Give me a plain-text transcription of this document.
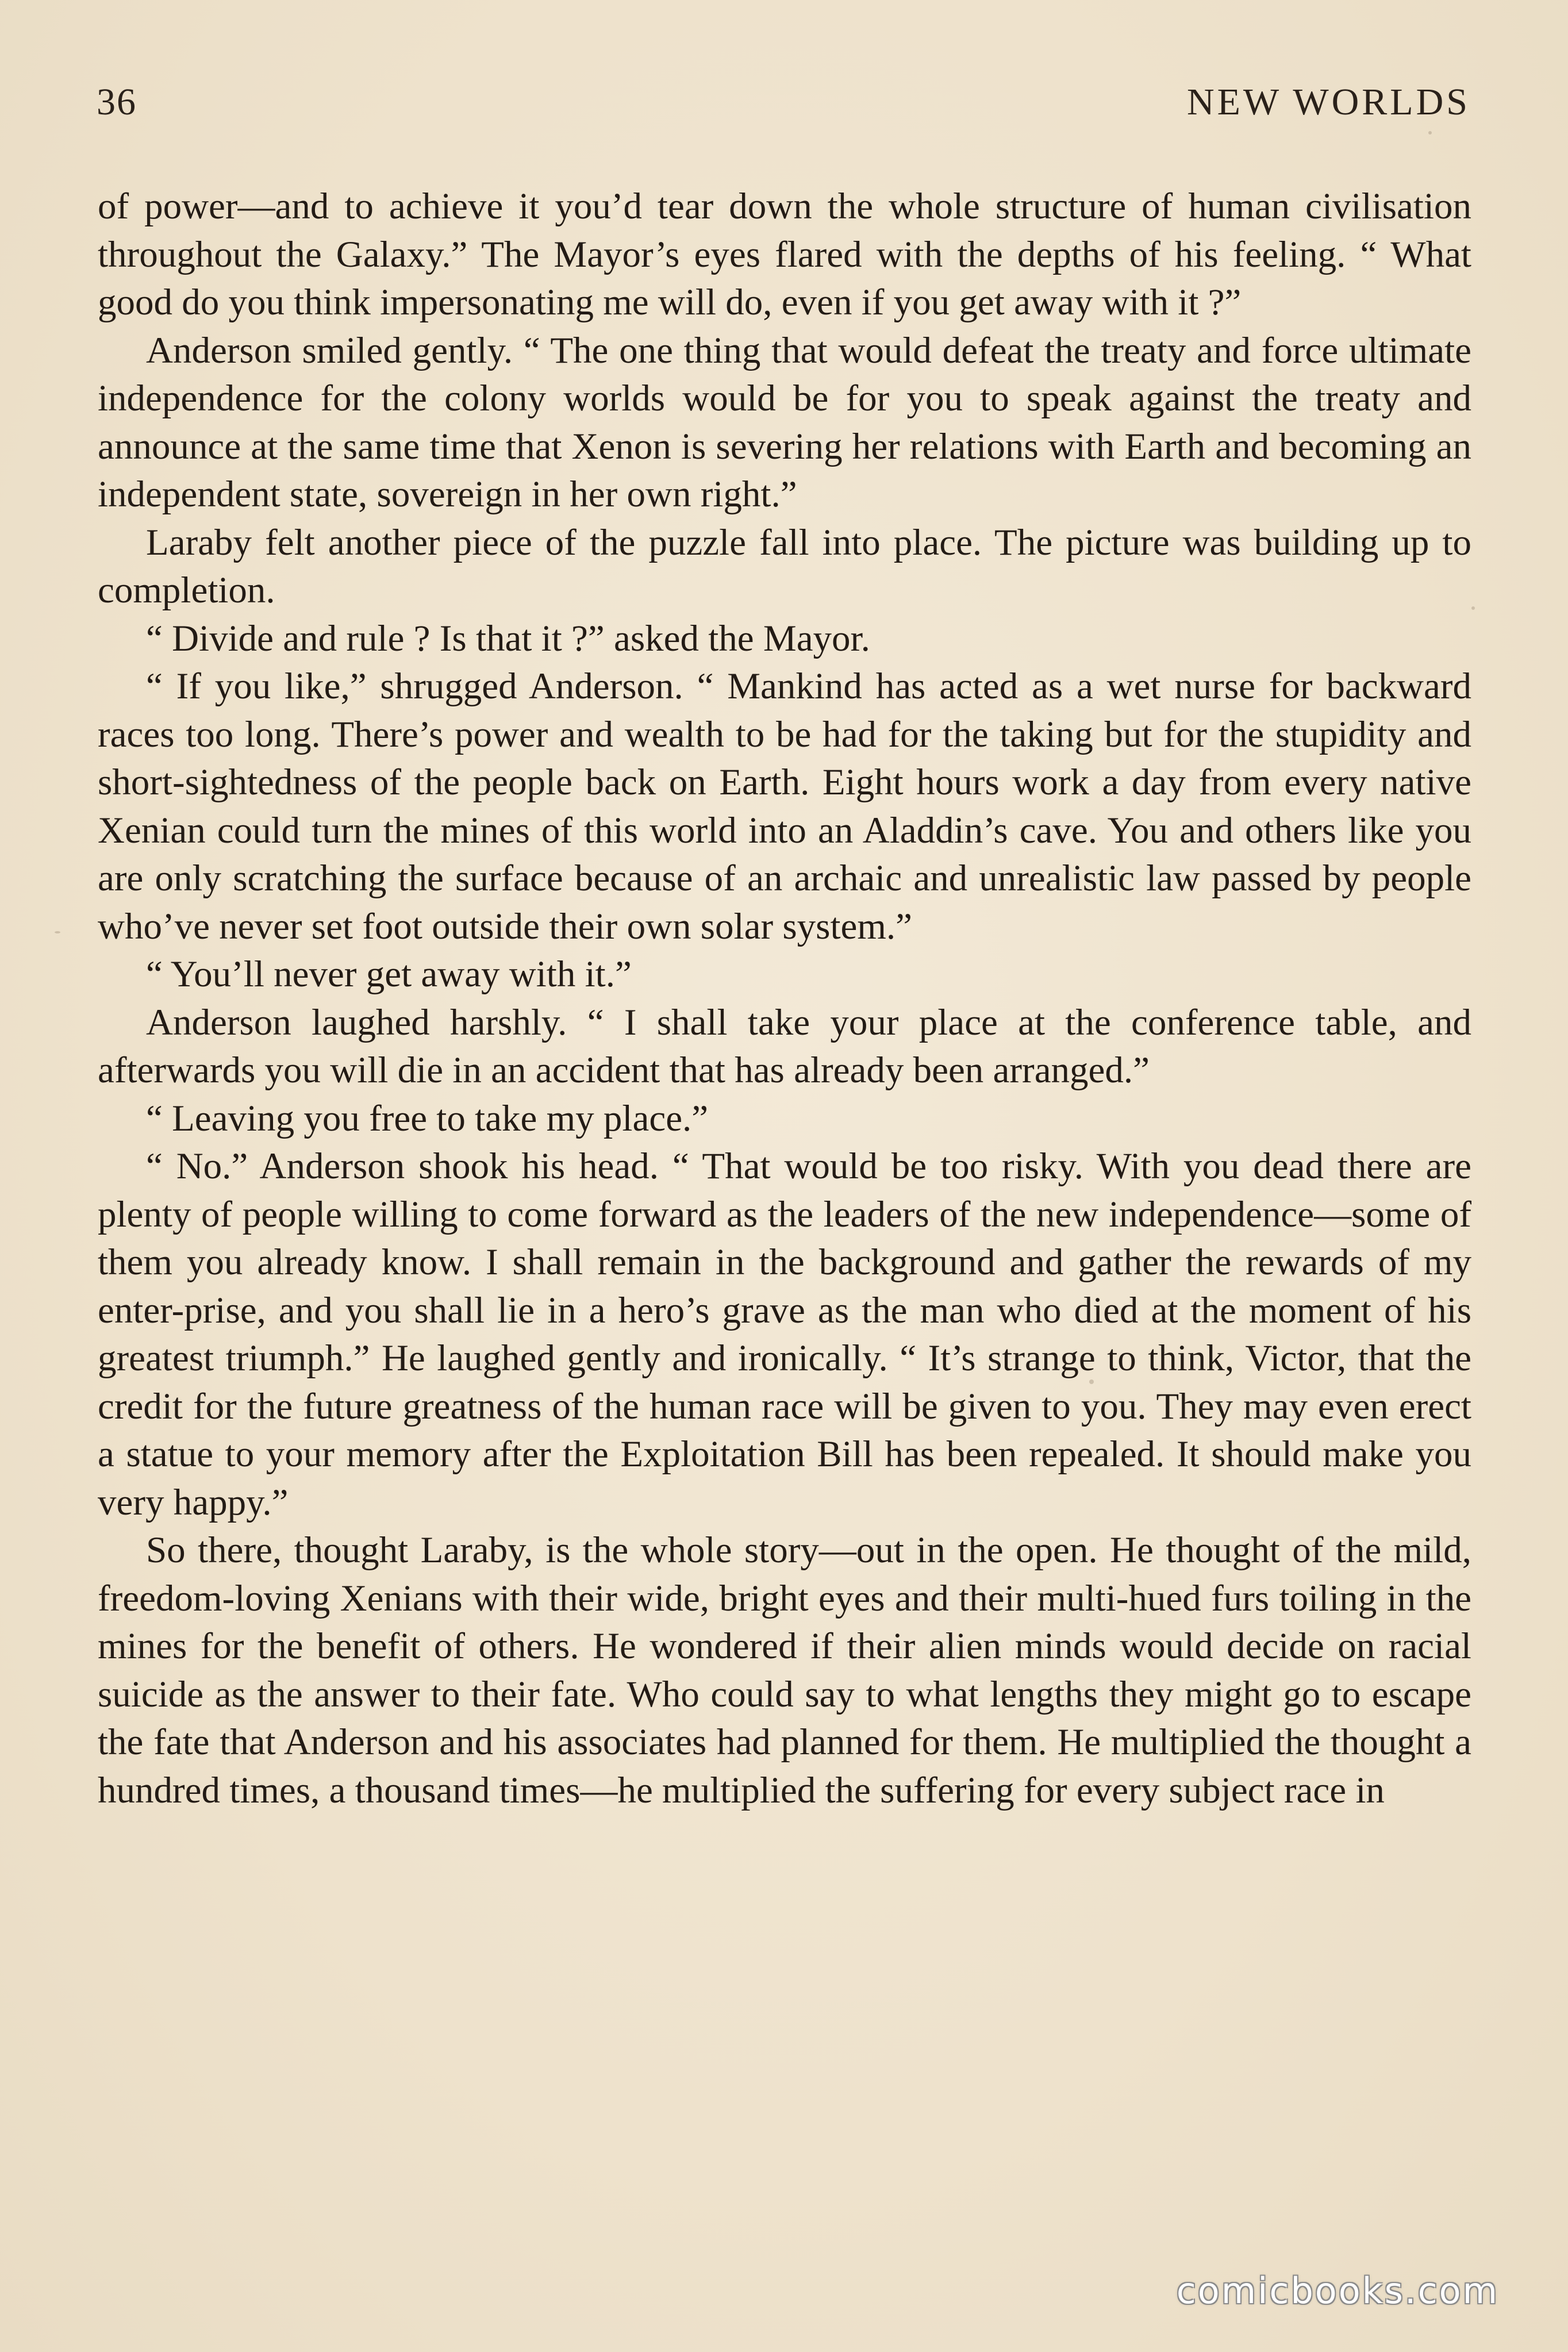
36	NEW WORLDS

of power—and to achieve it you’d tear down the whole structure of human civilisation throughout the Galaxy.” The Mayor’s eyes flared with the depths of his feeling. “ What good do you think impersonating me will do, even if you get away with it ?”

Anderson smiled gently. “ The one thing that would defeat the treaty and force ultimate independence for the colony worlds would be for you to speak against the treaty and announce at the same time that Xenon is severing her relations with Earth and becoming an independent state, sovereign in her own right.”

Laraby felt another piece of the puzzle fall into place. The picture was building up to completion.

“ Divide and rule ? Is that it ?” asked the Mayor.

“ If you like,” shrugged Anderson. “ Mankind has acted as a wet nurse for backward races too long. There’s power and wealth to be had for the taking but for the stupidity and short-sightedness of the people back on Earth. Eight hours work a day from every native Xenian could turn the mines of this world into an Aladdin’s cave. You and others like you are only scratching the surface because of an archaic and unrealistic law passed by people who’ve never set foot outside their own solar system.”

“ You’ll never get away with it.”

Anderson laughed harshly. “ I shall take your place at the conference table, and afterwards you will die in an accident that has already been arranged.”

“ Leaving you free to take my place.”

“ No.” Anderson shook his head. “ That would be too risky. With you dead there are plenty of people willing to come forward as the leaders of the new independence—some of them you already know. I shall remain in the background and gather the rewards of my enter-prise, and you shall lie in a hero’s grave as the man who died at the moment of his greatest triumph.” He laughed gently and ironically. “ It’s strange to think, Victor, that the credit for the future greatness of the human race will be given to you. They may even erect a statue to your memory after the Exploitation Bill has been repealed. It should make you very happy.”

So there, thought Laraby, is the whole story—out in the open. He thought of the mild, freedom-loving Xenians with their wide, bright eyes and their multi-hued furs toiling in the mines for the benefit of others. He wondered if their alien minds would decide on racial suicide as the answer to their fate. Who could say to what lengths they might go to escape the fate that Anderson and his associates had planned for them. He multiplied the thought a hundred times, a thousand times—he multiplied the suffering for every subject race in

comicbooks.com
